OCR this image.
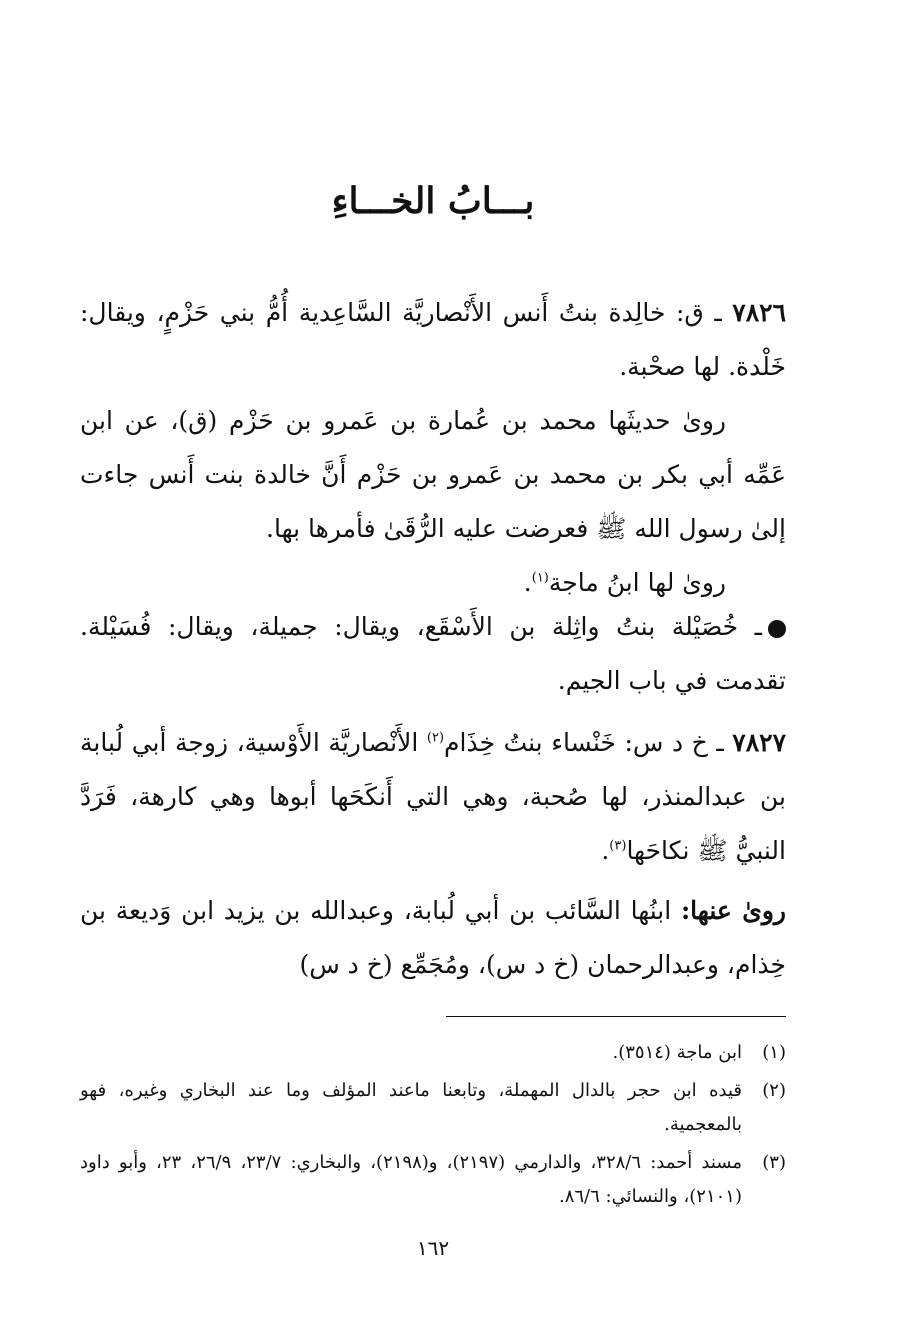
بـــابُ الخـــاءِ

٧٨٢٦ ـ ق: خالِدة بنتُ أَنس الأَنْصاريَّة السَّاعِدية أُمُّ بني حَزْمٍ، ويقال: خَلْدة. لها صحْبة.

روىٰ حديثَها محمد بن عُمارة بن عَمرو بن حَزْم (ق)، عن ابن عَمِّه أبي بكر بن محمد بن عَمرو بن حَزْم أَنَّ خالدة بنت أَنس جاءت إلىٰ رسول الله ﷺ فعرضت عليه الرُّقَىٰ فأمرها بها.

روىٰ لها ابنُ ماجة$^{(١)}$.

ـ خُصَيْلة بنتُ واثِلة بن الأَسْقَع، ويقال: جميلة، ويقال: فُسَيْلة. تقدمت في باب الجيم.

٧٨٢٧ ـ خ د س: خَنْساء بنتُ خِذَام$^{(٢)}$ الأَنْصاريَّة الأَوْسية، زوجة أبي لُبابة بن عبدالمنذر، لها صُحبة، وهي التي أَنكَحَها أبوها وهي كارهة، فَرَدَّ النبيُّ ﷺ نكاحَها$^{(٣)}$.

روىٰ عنها: ابنُها السَّائب بن أبي لُبابة، وعبدالله بن يزيد ابن وَديعة بن خِذام، وعبدالرحمان (خ د س)، ومُجَمِّع (خ د س)

(١)
ابن ماجة (٣٥١٤).
(٢)
قيده ابن حجر بالدال المهملة، وتابعنا ماعند المؤلف وما عند البخاري وغيره، فهو بالمعجمية.
(٣)
مسند أحمد: ٣٢٨/٦، والدارمي (٢١٩٧)، و(٢١٩٨)، والبخاري: ٢٣/٧، ٢٦/٩، ٢٣، وأبو داود (٢١٠١)، والنسائي: ٨٦/٦.
١٦٢
